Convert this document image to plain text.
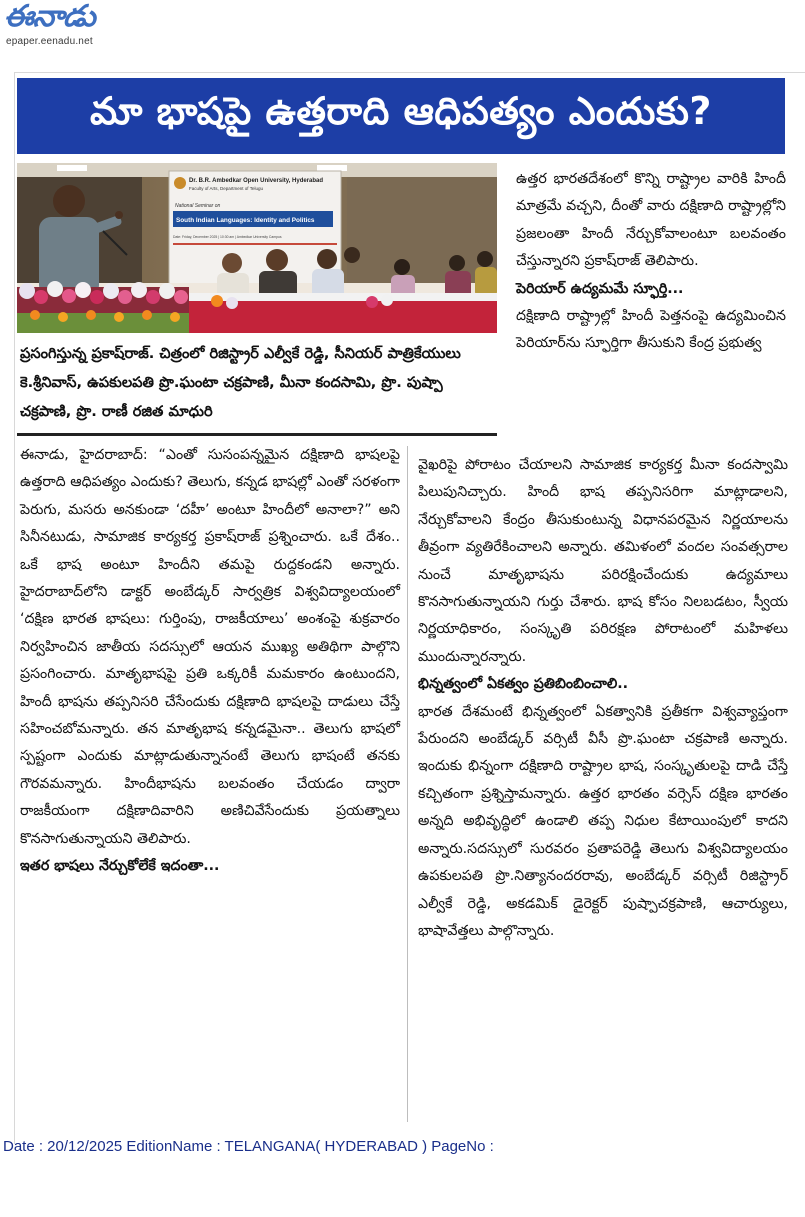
ఈనాడు
epaper.eenadu.net
మా భాషపై ఉత్తరాది ఆధిపత్యం ఎందుకు?
Dr. B.R. Ambedkar Open University, Hyderabad
Faculty of Arts, Department of Telugu
National Seminar on
South Indian Languages: Identity and Politics
Date: Friday, December 2025 | 10:30 am | Ambedkar University Campus
ప్రసంగిస్తున్న ప్రకాష్‌రాజ్‌. చిత్రంలో రిజిస్ట్రార్‌ ఎల్వీకే రెడ్డి, సీనియర్‌ పాత్రికేయులు కె.శ్రీనివాస్‌, ఉపకులపతి ప్రొ.ఘంటా చక్రపాణి, మీనా కందసామి, ప్రొ. పుష్పా చక్రపాణి, ప్రొ. రాణీ రజిత మాధురి

ఉత్తర భారతదేశంలో కొన్ని రాష్ట్రాల వారికి హిందీ మాత్రమే వచ్చని, దీంతో వారు దక్షిణాది రాష్ట్రాల్లోని ప్రజలంతా హిందీ నేర్చుకోవాలంటూ బలవంతం చేస్తున్నారని ప్రకాష్‌రాజ్‌ తెలిపారు.

పెరియార్‌ ఉద్యమమే స్ఫూర్తి...

దక్షిణాది రాష్ట్రాల్లో హిందీ పెత్తనంపై ఉద్యమించిన పెరియార్‌ను స్ఫూర్తిగా తీసుకుని కేంద్ర ప్రభుత్వ

ఈనాడు, హైదరాబాద్‌: “ఎంతో సుసంపన్నమైన దక్షిణాది భాషలపై ఉత్తరాది ఆధిపత్యం ఎందుకు? తెలుగు, కన్నడ భాషల్లో ఎంతో సరళంగా పెరుగు, మసరు అనకుండా ‘దహీ’ అంటూ హిందీలో అనాలా?” అని సినీనటుడు, సామాజిక కార్యకర్త ప్రకాష్‌రాజ్‌ ప్రశ్నించారు. ఒకే దేశం.. ఒకే భాష అంటూ హిందీని తమపై రుద్దకండని అన్నారు. హైదరాబాద్‌లోని డాక్టర్‌ అంబేడ్కర్‌ సార్వత్రిక విశ్వవిద్యాలయంలో ‘దక్షిణ భారత భాషలు: గుర్తింపు, రాజకీయాలు’ అంశంపై శుక్రవారం నిర్వహించిన జాతీయ సదస్సులో ఆయన ముఖ్య అతిథిగా పాల్గొని ప్రసంగించారు. మాతృభాషపై ప్రతి ఒక్కరికీ మమకారం ఉంటుందని, హిందీ భాషను తప్పనిసరి చేసేందుకు దక్షిణాది భాషలపై దాడులు చేస్తే సహించబోమన్నారు. తన మాతృభాష కన్నడమైనా.. తెలుగు భాషలో స్పష్టంగా ఎందుకు మాట్లాడుతున్నానంటే తెలుగు భాషంటే తనకు గౌరవమన్నారు. హిందీభాషను బలవంతం చేయడం ద్వారా రాజకీయంగా దక్షిణాదివారిని అణిచివేసేందుకు ప్రయత్నాలు కొనసాగుతున్నాయని తెలిపారు.

ఇతర భాషలు నేర్చుకోలేకే ఇదంతా...

వైఖరిపై పోరాటం చేయాలని సామాజిక కార్యకర్త మీనా కందస్వామి పిలుపునిచ్చారు. హిందీ భాష తప్పనిసరిగా మాట్లాడాలని, నేర్చుకోవాలని కేంద్రం తీసుకుంటున్న విధానపరమైన నిర్ణయాలను తీవ్రంగా వ్యతిరేకించాలని అన్నారు. తమిళంలో వందల సంవత్సరాల నుంచే మాతృభాషను పరిరక్షించేందుకు ఉద్యమాలు కొనసాగుతున్నాయని గుర్తు చేశారు. భాష కోసం నిలబడటం, స్వీయ నిర్ణయాధికారం, సంస్కృతి పరిరక్షణ పోరాటంలో మహిళలు ముందున్నారన్నారు.

భిన్నత్వంలో ఏకత్వం ప్రతిబింబించాలి..

భారత దేశమంటే భిన్నత్వంలో ఏకత్వానికి ప్రతీకగా విశ్వవ్యాప్తంగా పేరుందని అంబేడ్కర్‌ వర్సిటీ వీసీ ప్రొ.ఘంటా చక్రపాణి అన్నారు. ఇందుకు భిన్నంగా దక్షిణాది రాష్ట్రాల భాష, సంస్కృతులపై దాడి చేస్తే కచ్చితంగా ప్రశ్నిస్తామన్నారు. ఉత్తర భారతం వర్సెస్‌ దక్షిణ భారతం అన్నది అభివృద్ధిలో ఉండాలి తప్ప నిధుల కేటాయింపులో కాదని అన్నారు.సదస్సులో సురవరం ప్రతాపరెడ్డి తెలుగు విశ్వవిద్యాలయం ఉపకులపతి ప్రొ.నిత్యానందరరావు, అంబేడ్కర్‌ వర్సిటీ రిజిస్ట్రార్‌ ఎల్వీకే రెడ్డి, అకడమిక్‌ డైరెక్టర్‌ పుష్పాచక్రపాణి, ఆచార్యులు, భాషావేత్తలు పాల్గొన్నారు.

Date : 20/12/2025 EditionName : TELANGANA( HYDERABAD ) PageNo :
